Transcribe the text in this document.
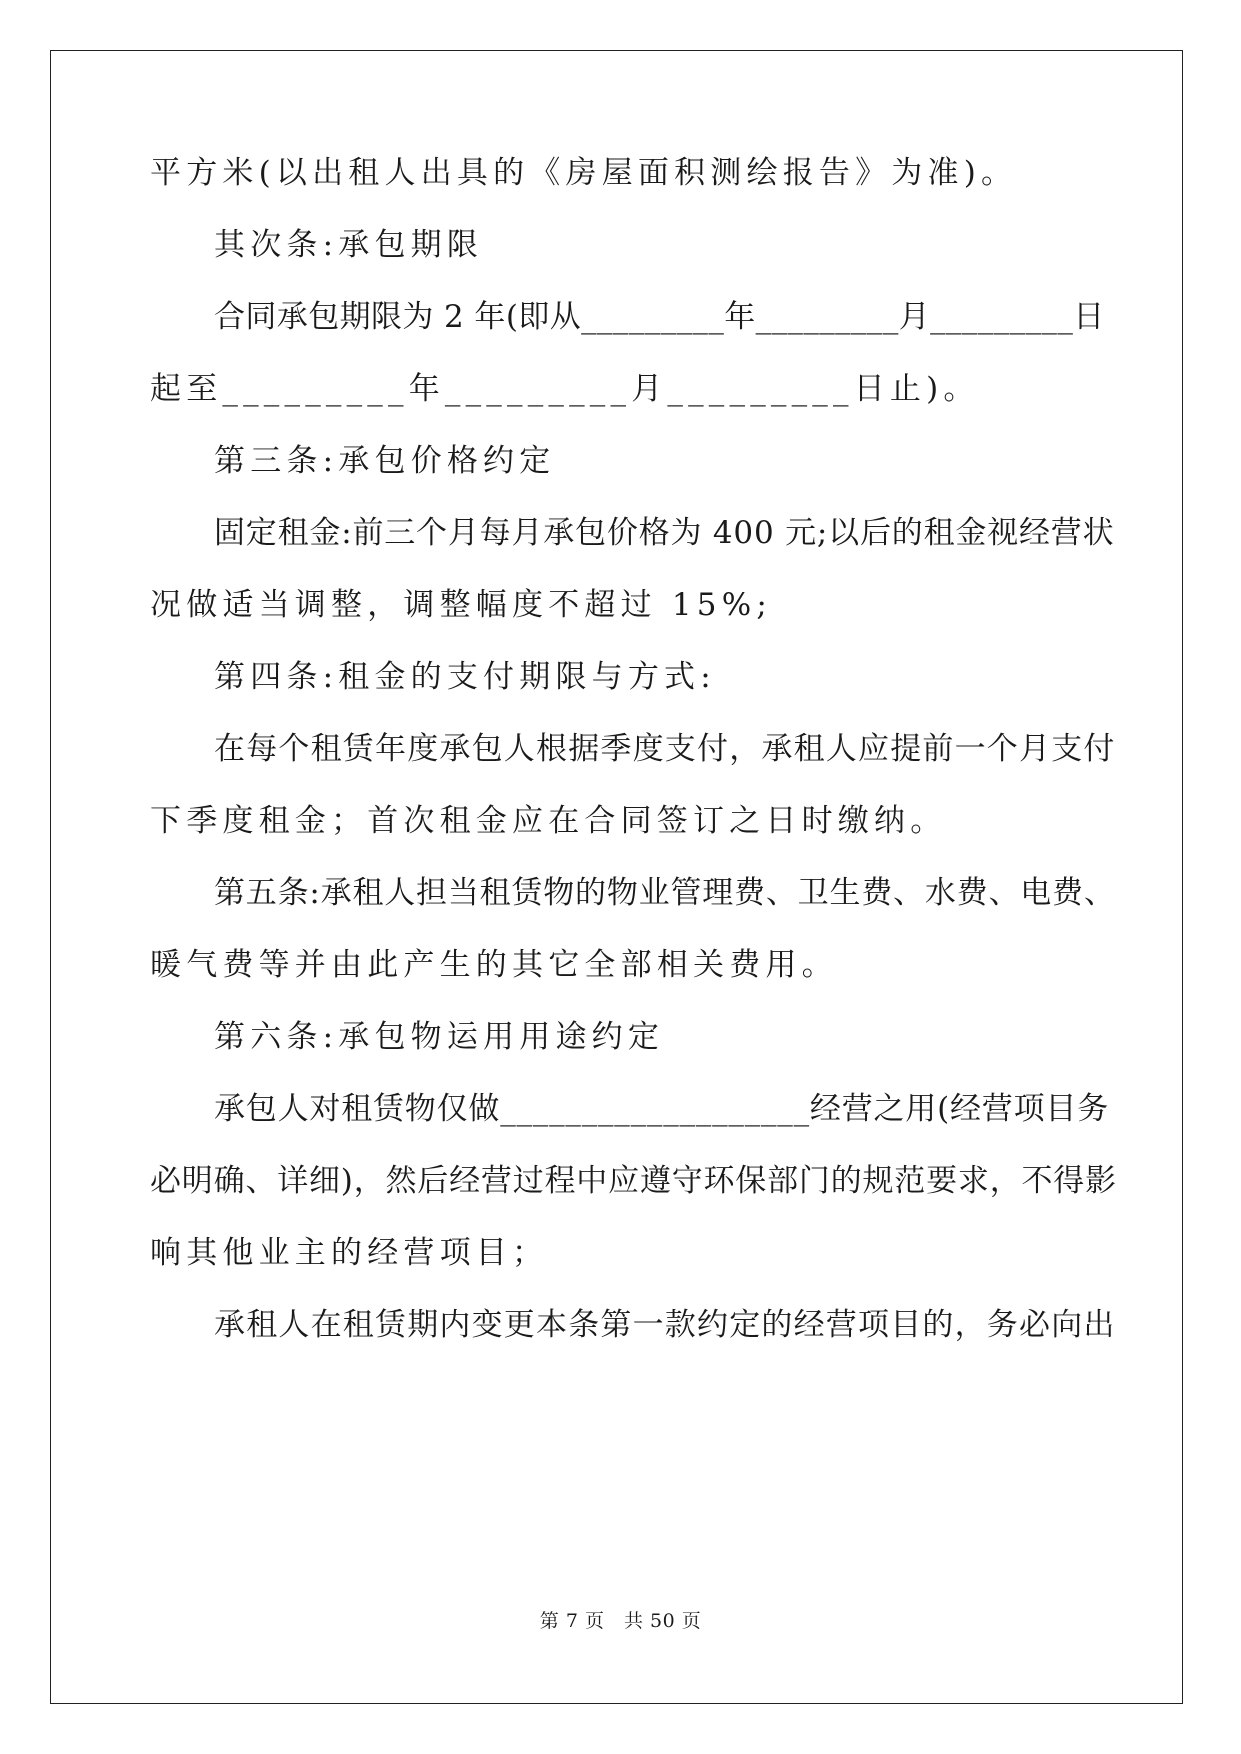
平方米(以出租人出具的《房屋面积测绘报告》为准)。
其次条:承包期限
合同承包期限为 2 年(即从_________年_________月_________日
起至_________年_________月_________日止)。
第三条:承包价格约定
固定租金:前三个月每月承包价格为 400 元;以后的租金视经营状
况做适当调整，调整幅度不超过 15%;
第四条:租金的支付期限与方式:
在每个租赁年度承包人根据季度支付，承租人应提前一个月支付
下季度租金；首次租金应在合同签订之日时缴纳。
第五条:承租人担当租赁物的物业管理费、卫生费、水费、电费、
暖气费等并由此产生的其它全部相关费用。
第六条:承包物运用用途约定
承包人对租赁物仅做___________________经营之用(经营项目务
必明确、详细)，然后经营过程中应遵守环保部门的规范要求，不得影
响其他业主的经营项目；
承租人在租赁期内变更本条第一款约定的经营项目的，务必向出
第 7 页　共 50 页
